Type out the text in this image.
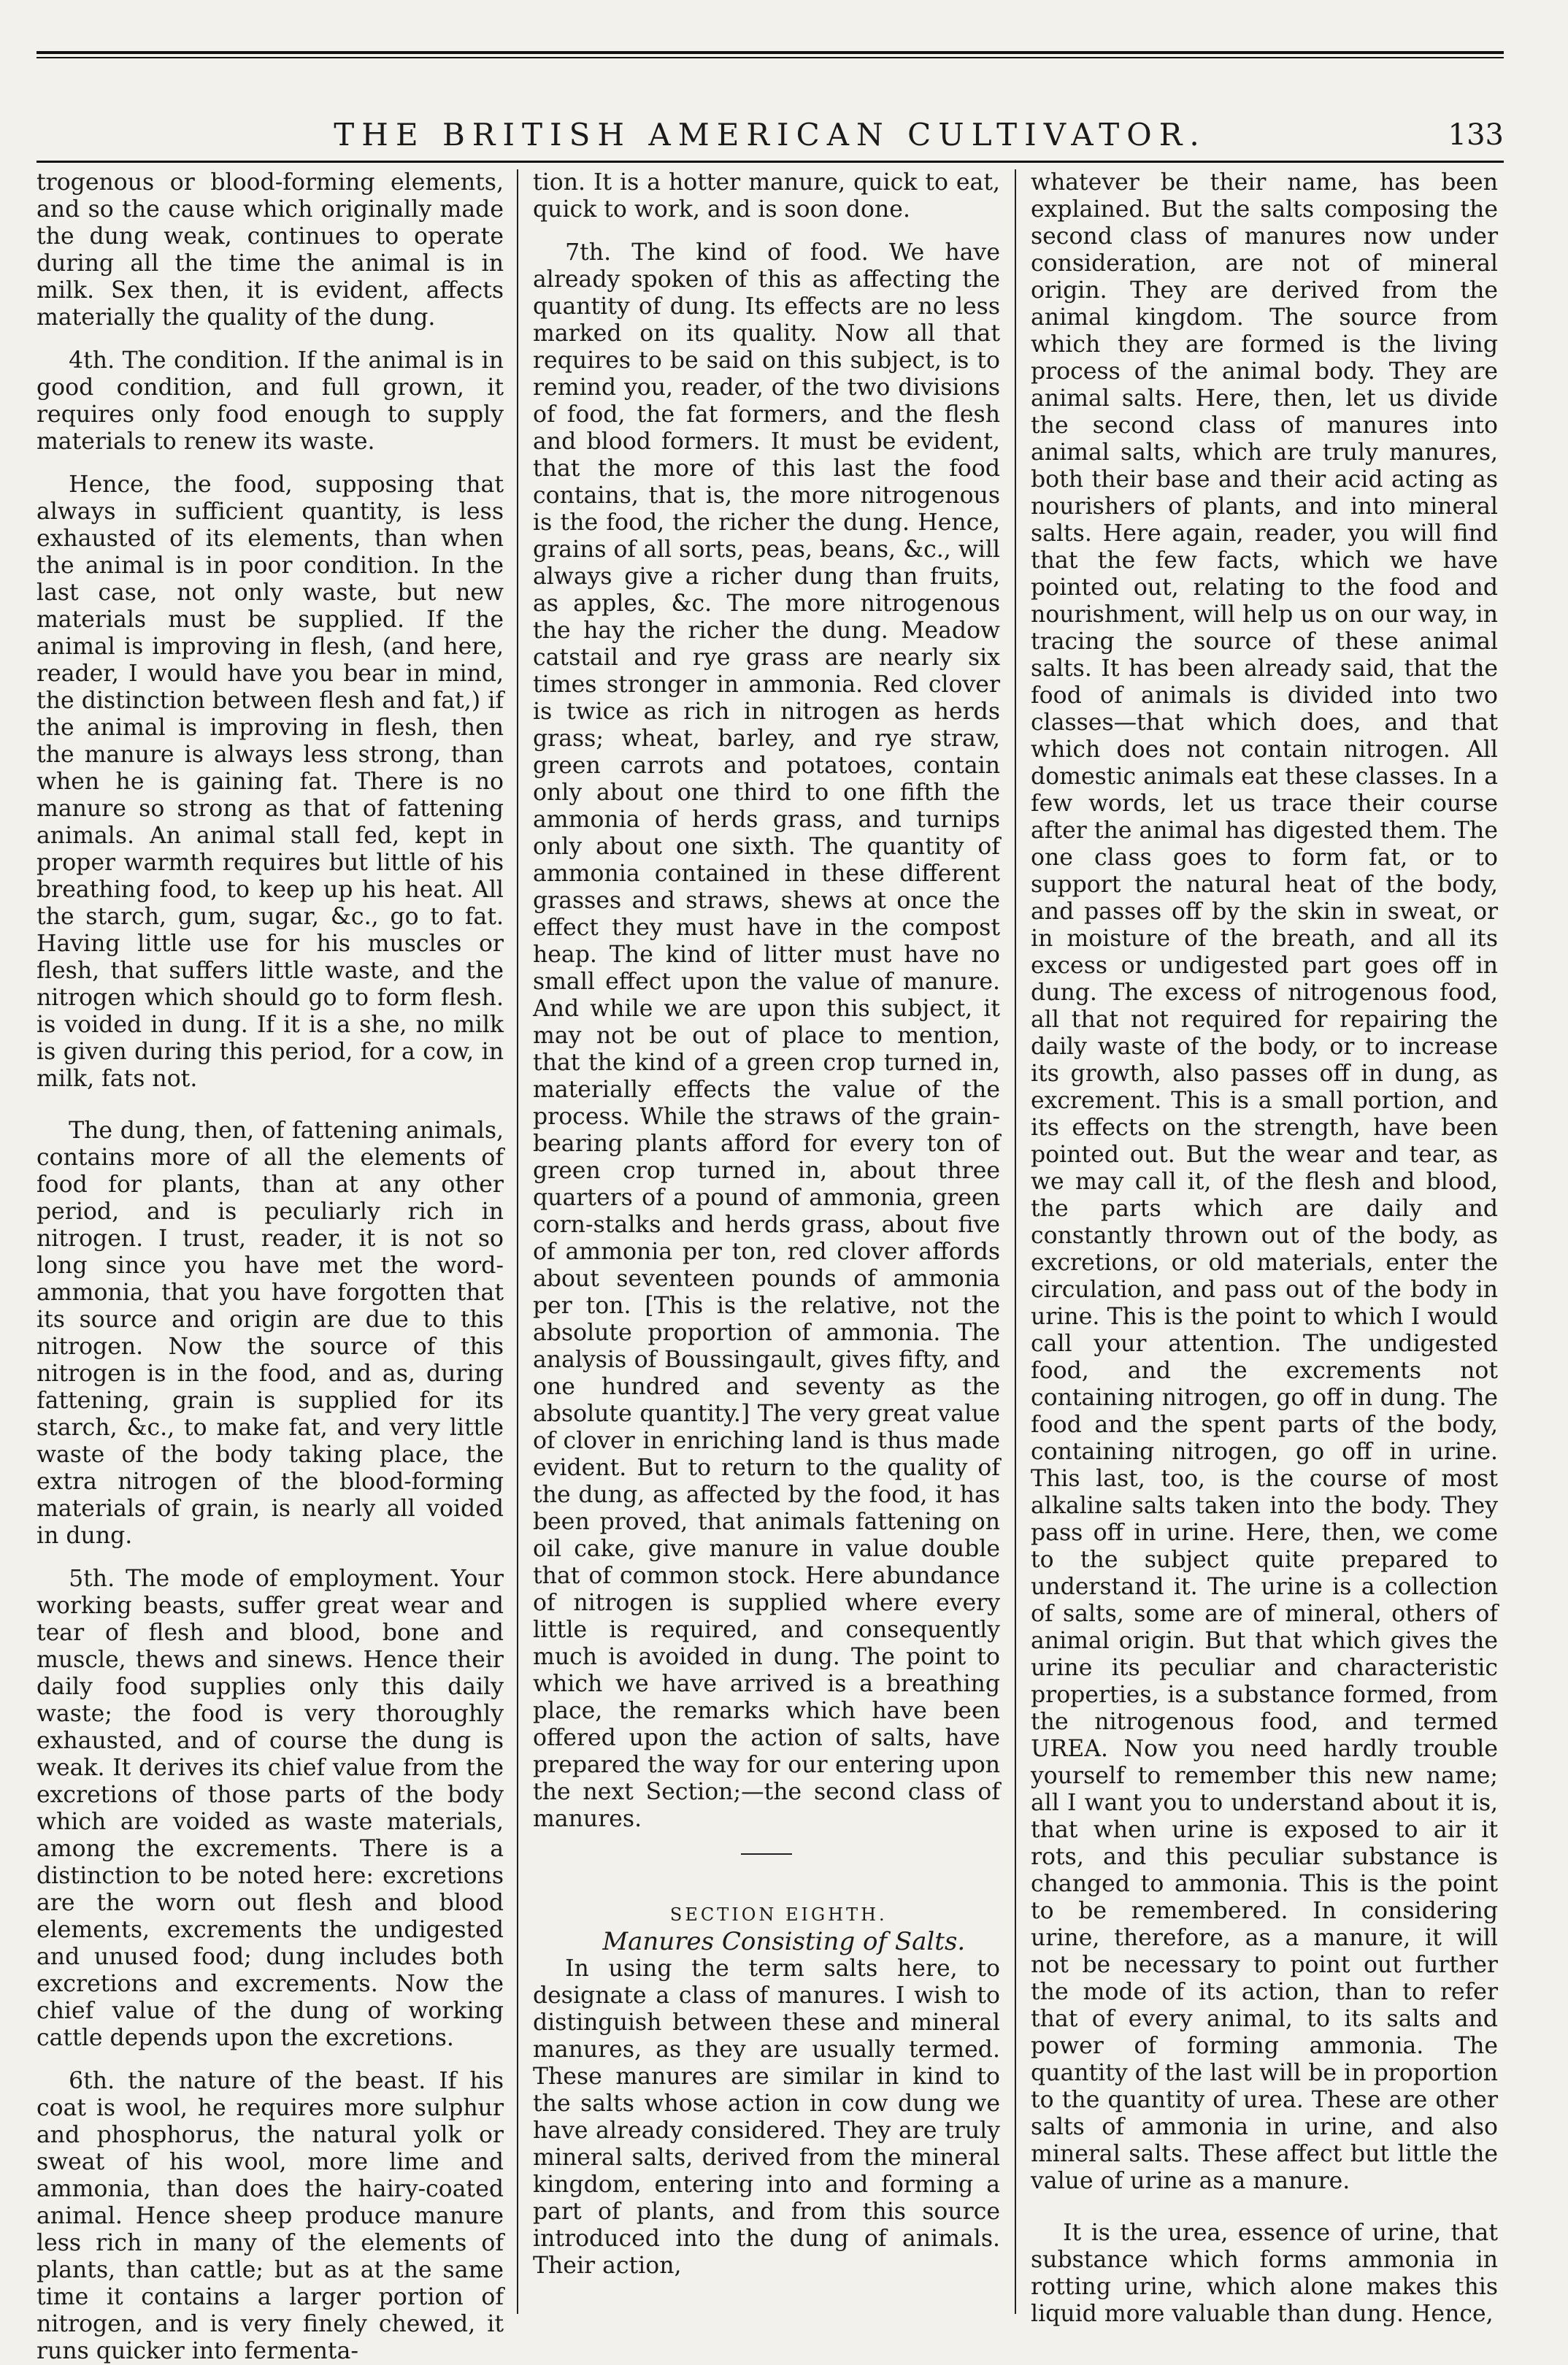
THE BRITISH AMERICAN CULTIVATOR.	133

trogenous or blood-forming elements, and so the cause which originally made the dung weak, continues to operate during all the time the animal is in milk. Sex then, it is evident, affects materially the quality of the dung.

4th. The condition. If the animal is in good condition, and full grown, it requires only food enough to supply materials to renew its waste.

Hence, the food, supposing that always in sufficient quantity, is less exhausted of its elements, than when the animal is in poor condition. In the last case, not only waste, but new materials must be supplied. If the animal is improving in flesh, (and here, reader, I would have you bear in mind, the distinction between flesh and fat,) if the animal is improving in flesh, then the manure is always less strong, than when he is gaining fat. There is no manure so strong as that of fattening animals. An animal stall fed, kept in proper warmth requires but little of his breathing food, to keep up his heat. All the starch, gum, sugar, &c., go to fat. Having little use for his muscles or flesh, that suffers little waste, and the nitrogen which should go to form flesh. is voided in dung. If it is a she, no milk is given during this period, for a cow, in milk, fats not.

The dung, then, of fattening animals, contains more of all the elements of food for plants, than at any other period, and is peculiarly rich in nitrogen. I trust, reader, it is not so long since you have met the word-ammonia, that you have forgotten that its source and origin are due to this nitrogen. Now the source of this nitrogen is in the food, and as, during fattening, grain is supplied for its starch, &c., to make fat, and very little waste of the body taking place, the extra nitrogen of the blood-forming materials of grain, is nearly all voided in dung.

5th. The mode of employment. Your working beasts, suffer great wear and tear of flesh and blood, bone and muscle, thews and sinews. Hence their daily food supplies only this daily waste; the food is very thoroughly exhausted, and of course the dung is weak. It derives its chief value from the excretions of those parts of the body which are voided as waste materials, among the excrements. There is a distinction to be noted here: excretions are the worn out flesh and blood elements, excrements the undigested and unused food; dung includes both excretions and excrements. Now the chief value of the dung of working cattle depends upon the excretions.

6th. the nature of the beast. If his coat is wool, he requires more sulphur and phosphorus, the natural yolk or sweat of his wool, more lime and ammonia, than does the hairy-coated animal. Hence sheep produce manure less rich in many of the elements of plants, than cattle; but as at the same time it contains a larger portion of nitrogen, and is very finely chewed, it runs quicker into fermenta-

tion. It is a hotter manure, quick to eat, quick to work, and is soon done.

7th. The kind of food. We have already spoken of this as affecting the quantity of dung. Its effects are no less marked on its quality. Now all that requires to be said on this subject, is to remind you, reader, of the two divisions of food, the fat formers, and the flesh and blood formers. It must be evident, that the more of this last the food contains, that is, the more nitrogenous is the food, the richer the dung. Hence, grains of all sorts, peas, beans, &c., will always give a richer dung than fruits, as apples, &c. The more nitrogenous the hay the richer the dung. Meadow catstail and rye grass are nearly six times stronger in ammonia. Red clover is twice as rich in nitrogen as herds grass; wheat, barley, and rye straw, green carrots and potatoes, contain only about one third to one fifth the ammonia of herds grass, and turnips only about one sixth. The quantity of ammonia contained in these different grasses and straws, shews at once the effect they must have in the compost heap. The kind of litter must have no small effect upon the value of manure. And while we are upon this subject, it may not be out of place to mention, that the kind of a green crop turned in, materially effects the value of the process. While the straws of the grain-bearing plants afford for every ton of green crop turned in, about three quarters of a pound of ammonia, green corn-stalks and herds grass, about five of ammonia per ton, red clover affords about seventeen pounds of ammonia per ton. [This is the relative, not the absolute proportion of ammonia. The analysis of Boussingault, gives fifty, and one hundred and seventy as the absolute quantity.] The very great value of clover in enriching land is thus made evident. But to return to the quality of the dung, as affected by the food, it has been proved, that animals fattening on oil cake, give manure in value double that of common stock. Here abundance of nitrogen is supplied where every little is required, and consequently much is avoided in dung. The point to which we have arrived is a breathing place, the remarks which have been offered upon the action of salts, have prepared the way for our entering upon the next Section;—the second class of manures.

SECTION EIGHTH.

Manures Consisting of Salts.

In using the term salts here, to designate a class of manures. I wish to distinguish between these and mineral manures, as they are usually termed. These manures are similar in kind to the salts whose action in cow dung we have already considered. They are truly mineral salts, derived from the mineral kingdom, entering into and forming a part of plants, and from this source introduced into the dung of animals. Their action,

whatever be their name, has been explained. But the salts composing the second class of manures now under consideration, are not of mineral origin. They are derived from the animal kingdom. The source from which they are formed is the living process of the animal body. They are animal salts. Here, then, let us divide the second class of manures into animal salts, which are truly manures, both their base and their acid acting as nourishers of plants, and into mineral salts. Here again, reader, you will find that the few facts, which we have pointed out, relating to the food and nourishment, will help us on our way, in tracing the source of these animal salts. It has been already said, that the food of animals is divided into two classes—that which does, and that which does not contain nitrogen. All domestic animals eat these classes. In a few words, let us trace their course after the animal has digested them. The one class goes to form fat, or to support the natural heat of the body, and passes off by the skin in sweat, or in moisture of the breath, and all its excess or undigested part goes off in dung. The excess of nitrogenous food, all that not required for repairing the daily waste of the body, or to increase its growth, also passes off in dung, as excrement. This is a small portion, and its effects on the strength, have been pointed out. But the wear and tear, as we may call it, of the flesh and blood, the parts which are daily and constantly thrown out of the body, as excretions, or old materials, enter the circulation, and pass out of the body in urine. This is the point to which I would call your attention. The undigested food, and the excrements not containing nitrogen, go off in dung. The food and the spent parts of the body, containing nitrogen, go off in urine. This last, too, is the course of most alkaline salts taken into the body. They pass off in urine. Here, then, we come to the subject quite prepared to understand it. The urine is a collection of salts, some are of mineral, others of animal origin. But that which gives the urine its peculiar and characteristic properties, is a substance formed, from the nitrogenous food, and termed UREA. Now you need hardly trouble yourself to remember this new name; all I want you to understand about it is, that when urine is exposed to air it rots, and this peculiar substance is changed to ammonia. This is the point to be remembered. In considering urine, therefore, as a manure, it will not be necessary to point out further the mode of its action, than to refer that of every animal, to its salts and power of forming ammonia. The quantity of the last will be in proportion to the quantity of urea. These are other salts of ammonia in urine, and also mineral salts. These affect but little the value of urine as a manure.

It is the urea, essence of urine, that substance which forms ammonia in rotting urine, which alone makes this liquid more valuable than dung. Hence,
